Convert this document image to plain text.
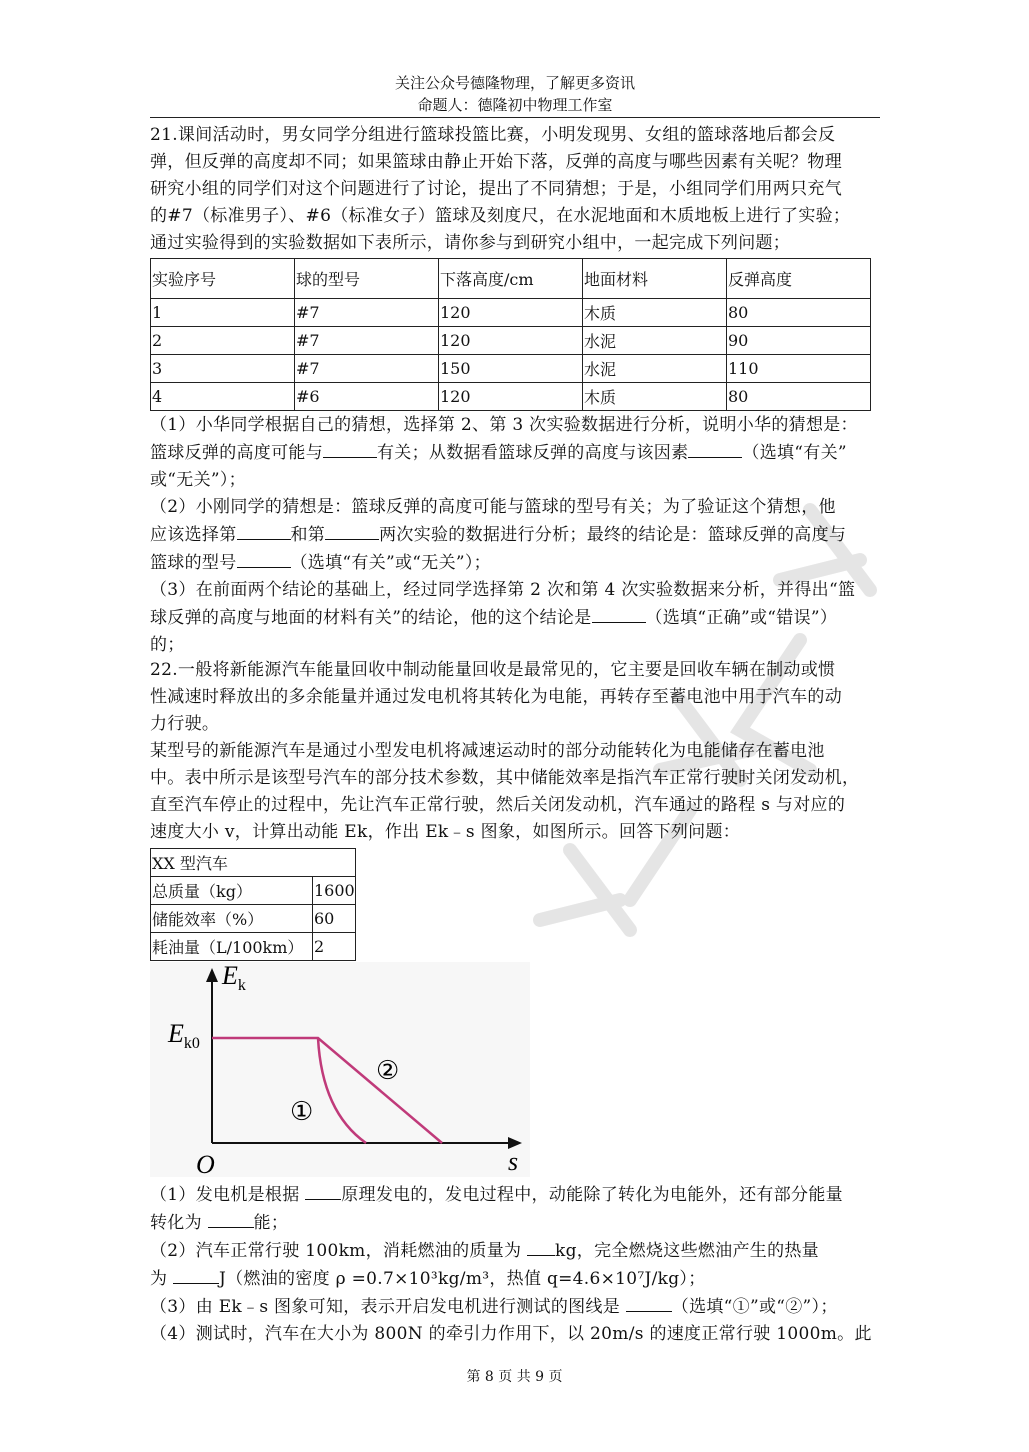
关注公众号德隆物理，了解更多资讯
命题人：德隆初中物理工作室

21.课间活动时，男女同学分组进行篮球投篮比赛，小明发现男、女组的篮球落地后都会反

弹，但反弹的高度却不同；如果篮球由静止开始下落，反弹的高度与哪些因素有关呢？物理

研究小组的同学们对这个问题进行了讨论，提出了不同猜想；于是，小组同学们用两只充气

的#7（标准男子）、#6（标准女子）篮球及刻度尺，在水泥地面和木质地板上进行了实验；

通过实验得到的实验数据如下表所示，请你参与到研究小组中，一起完成下列问题；

实验序号	球的型号	下落高度/cm	地面材料	反弹高度
1	#7	120	木质	80
2	#7	120	水泥	90
3	#7	150	水泥	110
4	#6	120	木质	80

（1）小华同学根据自己的猜想，选择第 2、第 3 次实验数据进行分析，说明小华的猜想是：

篮球反弹的高度可能与	有关；从数据看篮球反弹的高度与该因素	（选填“有关”

或“无关”）；

（2）小刚同学的猜想是：篮球反弹的高度可能与篮球的型号有关；为了验证这个猜想，他

应该选择第	和第	两次实验的数据进行分析；最终的结论是：篮球反弹的高度与

篮球的型号	（选填“有关”或“无关”）；

（3）在前面两个结论的基础上，经过同学选择第 2 次和第 4 次实验数据来分析，并得出“篮

球反弹的高度与地面的材料有关”的结论，他的这个结论是	（选填“正确”或“错误”）

的；

22.一般将新能源汽车能量回收中制动能量回收是最常见的，它主要是回收车辆在制动或惯

性减速时释放出的多余能量并通过发电机将其转化为电能，再转存至蓄电池中用于汽车的动

力行驶。

某型号的新能源汽车是通过小型发电机将减速运动时的部分动能转化为电能储存在蓄电池

中。表中所示是该型号汽车的部分技术参数，其中储能效率是指汽车正常行驶时关闭发动机，

直至汽车停止的过程中，先让汽车正常行驶，然后关闭发动机，汽车通过的路程 s 与对应的

速度大小 v，计算出动能 Ek，作出 Ek﹣s 图象，如图所示。回答下列问题：

XX 型汽车	
总质量（kg）	1600
储能效率（%）	60
耗油量（L/100km）	2
$E_k$
$E_{k0}$
O	s
①
②

（1）发电机是根据 原理发电的，发电过程中，动能除了转化为电能外，还有部分能量

转化为	能；

（2）汽车正常行驶 100km，消耗燃油的质量为 kg，完全燃烧这些燃油产生的热量

为	J（燃油的密度 ρ =0.7×10³kg/m³，热值 q=4.6×10⁷J/kg）；

（3）由 Ek﹣s 图象可知，表示开启发电机进行测试的图线是	（选填“①”或“②”）；

（4）测试时，汽车在大小为 800N 的牵引力作用下，以 20m/s 的速度正常行驶 1000m。此

第 8 页 共 9 页
